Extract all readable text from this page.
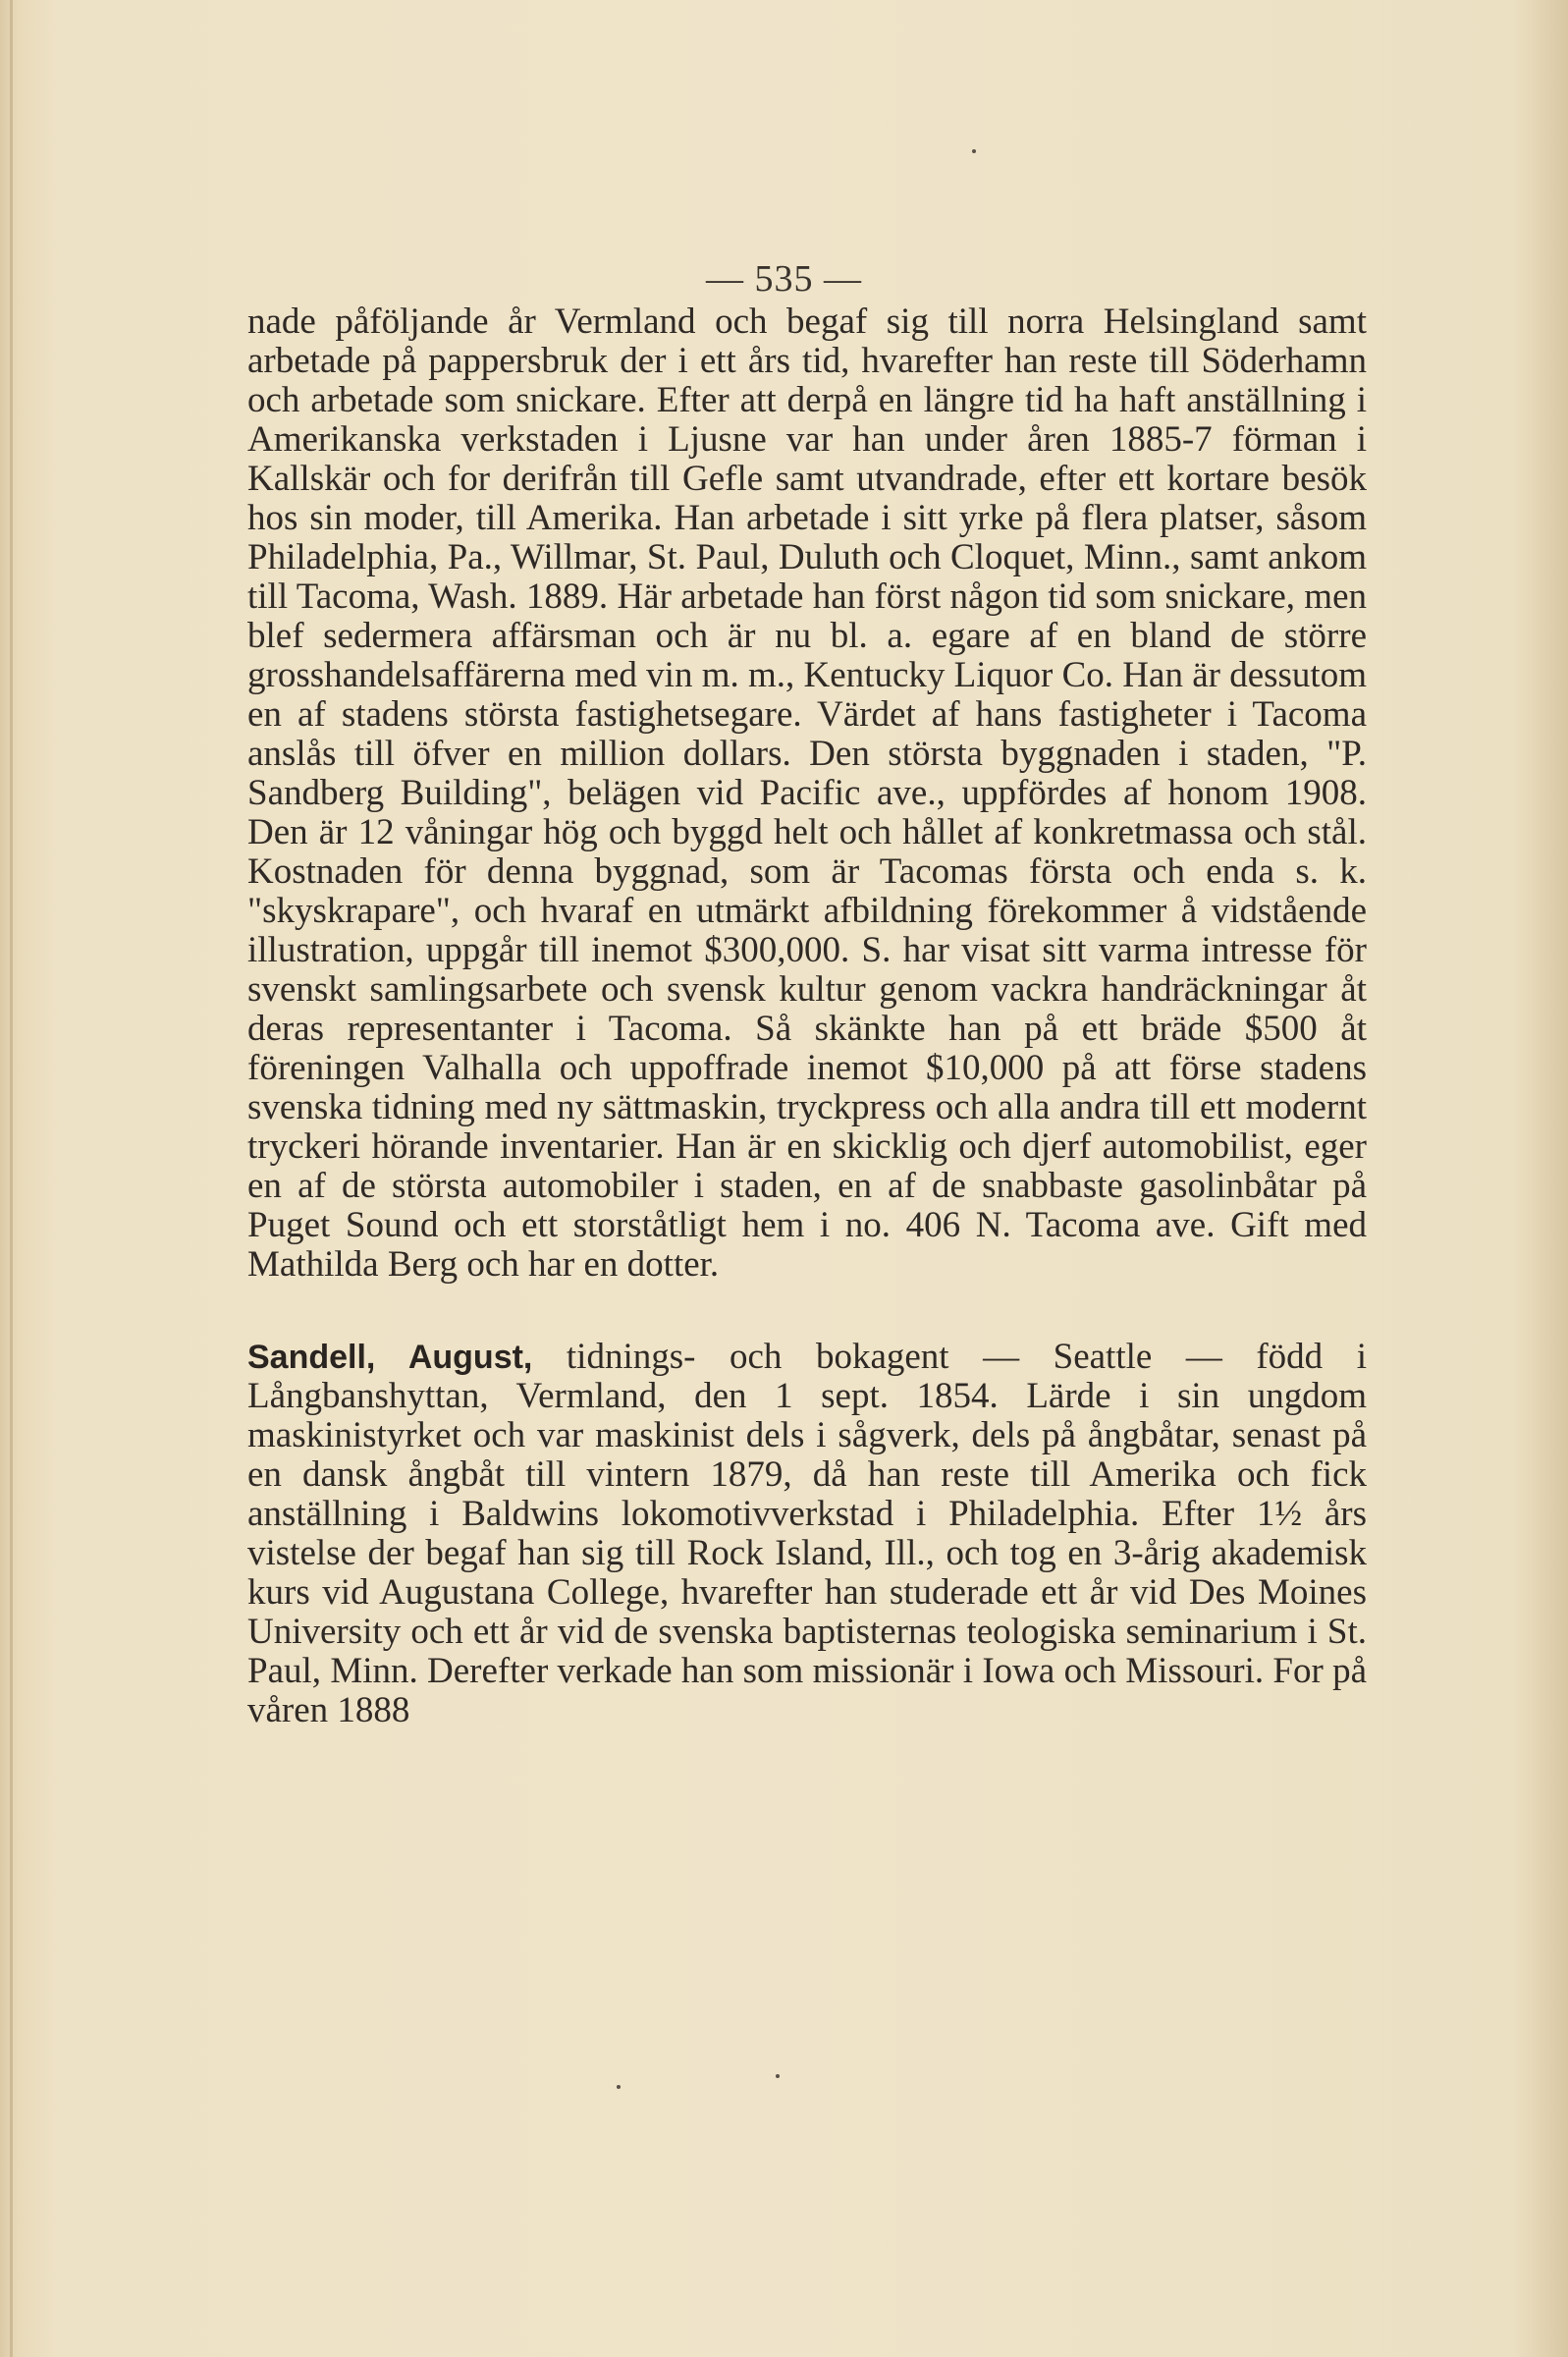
— 535 —

nade påföljande år Vermland och begaf sig till norra Helsingland samt arbetade på pappersbruk der i ett års tid, hvarefter han reste till Söderhamn och arbetade som snickare. Efter att derpå en längre tid ha haft anställning i Amerikanska verkstaden i Ljusne var han under åren 1885-7 förman i Kallskär och for derifrån till Gefle samt utvandrade, efter ett kortare besök hos sin moder, till Amerika. Han arbetade i sitt yrke på flera platser, såsom Philadelphia, Pa., Willmar, St. Paul, Duluth och Cloquet, Minn., samt ankom till Tacoma, Wash. 1889. Här arbetade han först någon tid som snickare, men blef sedermera affärsman och är nu bl. a. egare af en bland de större grosshandelsaffärerna med vin m. m., Kentucky Liquor Co. Han är dessutom en af stadens största fastighetsegare. Värdet af hans fastigheter i Tacoma anslås till öfver en million dollars. Den största byggnaden i staden, "P. Sandberg Building", belägen vid Pacific ave., uppfördes af honom 1908. Den är 12 våningar hög och byggd helt och hållet af konkretmassa och stål. Kostnaden för denna byggnad, som är Tacomas första och enda s. k. "skyskrapare", och hvaraf en utmärkt afbildning förekommer å vidstående illustration, uppgår till inemot $300,000. S. har visat sitt varma intresse för svenskt samlingsarbete och svensk kultur genom vackra handräckningar åt deras representanter i Tacoma. Så skänkte han på ett bräde $500 åt föreningen Valhalla och uppoffrade inemot $10,000 på att förse stadens svenska tidning med ny sättmaskin, tryckpress och alla andra till ett modernt tryckeri hörande inventarier. Han är en skicklig och djerf automobilist, eger en af de största automobiler i staden, en af de snabbaste gasolinbåtar på Puget Sound och ett storståtligt hem i no. 406 N. Tacoma ave. Gift med Mathilda Berg och har en dotter.

Sandell, August, tidnings- och bokagent — Seattle — född i Långbanshyttan, Vermland, den 1 sept. 1854. Lärde i sin ungdom maskinistyrket och var maskinist dels i sågverk, dels på ångbåtar, senast på en dansk ångbåt till vintern 1879, då han reste till Amerika och fick anställning i Baldwins lokomotivverkstad i Philadelphia. Efter 1½ års vistelse der begaf han sig till Rock Island, Ill., och tog en 3-årig akademisk kurs vid Augustana College, hvarefter han studerade ett år vid Des Moines University och ett år vid de svenska baptisternas teologiska seminarium i St. Paul, Minn. Derefter verkade han som missionär i Iowa och Missouri. For på våren 1888
